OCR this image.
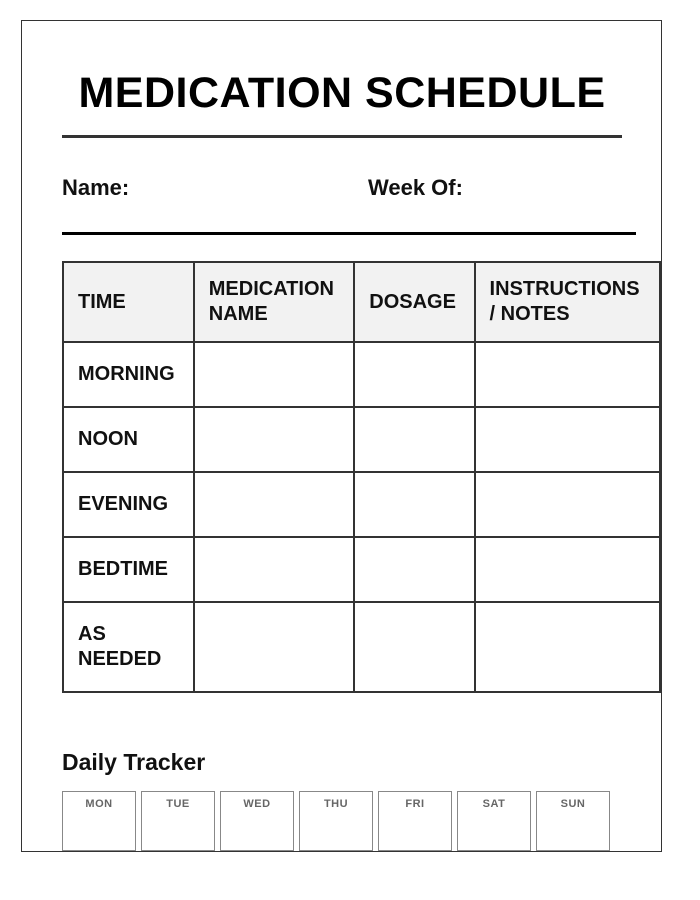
MEDICATION SCHEDULE
Name:	Week Of:
TIME	MEDICATION NAME	DOSAGE	INSTRUCTIONS / NOTES
MORNING			
NOON			
EVENING			
BEDTIME			
AS NEEDED			
Daily Tracker
MON	TUE	WED	THU	FRI	SAT	SUN
